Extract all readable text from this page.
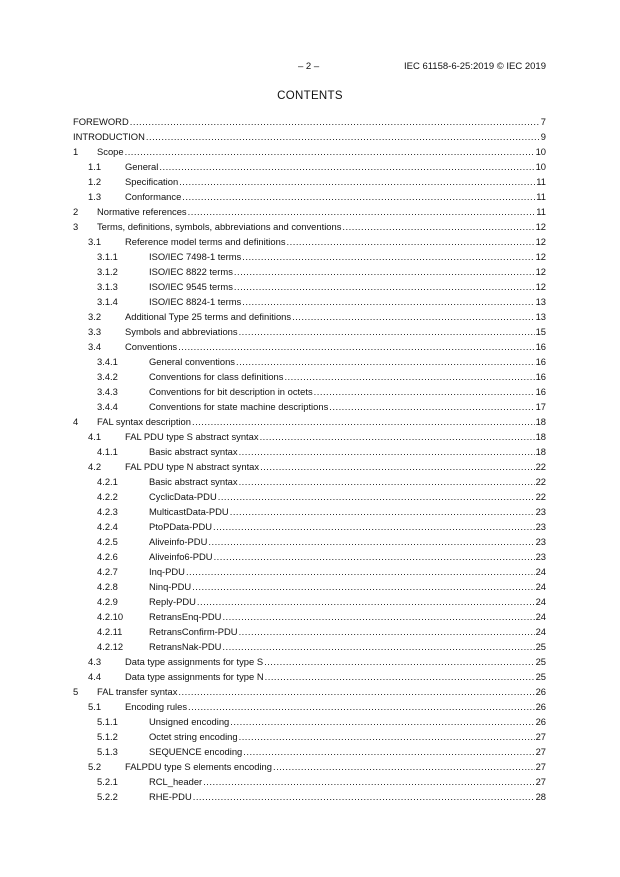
– 2 –	IEC 61158-6-25:2019 © IEC 2019
CONTENTS
FOREWORD .....	7
INTRODUCTION .....	9
1	Scope .....	10
1.1	General .....	10
1.2	Specification .....	11
1.3	Conformance .....	11
2	Normative references .....	11
3	Terms, definitions, symbols, abbreviations and conventions .....	12
3.1	Reference model terms and definitions .....	12
3.1.1	ISO/IEC 7498-1 terms .....	12
3.1.2	ISO/IEC 8822 terms .....	12
3.1.3	ISO/IEC 9545 terms .....	12
3.1.4	ISO/IEC 8824-1 terms .....	13
3.2	Additional Type 25 terms and definitions .....	13
3.3	Symbols and abbreviations .....	15
3.4	Conventions .....	16
3.4.1	General conventions .....	16
3.4.2	Conventions for class definitions .....	16
3.4.3	Conventions for bit description in octets .....	16
3.4.4	Conventions for state machine descriptions .....	17
4	FAL syntax description .....	18
4.1	FAL PDU type S abstract syntax .....	18
4.1.1	Basic abstract syntax .....	18
4.2	FAL PDU type N abstract syntax .....	22
4.2.1	Basic abstract syntax .....	22
4.2.2	CyclicData-PDU .....	22
4.2.3	MulticastData-PDU .....	23
4.2.4	PtoPData-PDU .....	23
4.2.5	Aliveinfo-PDU .....	23
4.2.6	Aliveinfo6-PDU .....	23
4.2.7	Inq-PDU .....	24
4.2.8	Ninq-PDU .....	24
4.2.9	Reply-PDU .....	24
4.2.10	RetransEnq-PDU .....	24
4.2.11	RetransConfirm-PDU .....	24
4.2.12	RetransNak-PDU .....	25
4.3	Data type assignments for type S .....	25
4.4	Data type assignments for type N .....	25
5	FAL transfer syntax .....	26
5.1	Encoding rules .....	26
5.1.1	Unsigned encoding .....	26
5.1.2	Octet string encoding .....	27
5.1.3	SEQUENCE encoding .....	27
5.2	FALPDU type S elements encoding .....	27
5.2.1	RCL_header .....	27
5.2.2	RHE-PDU .....	28
